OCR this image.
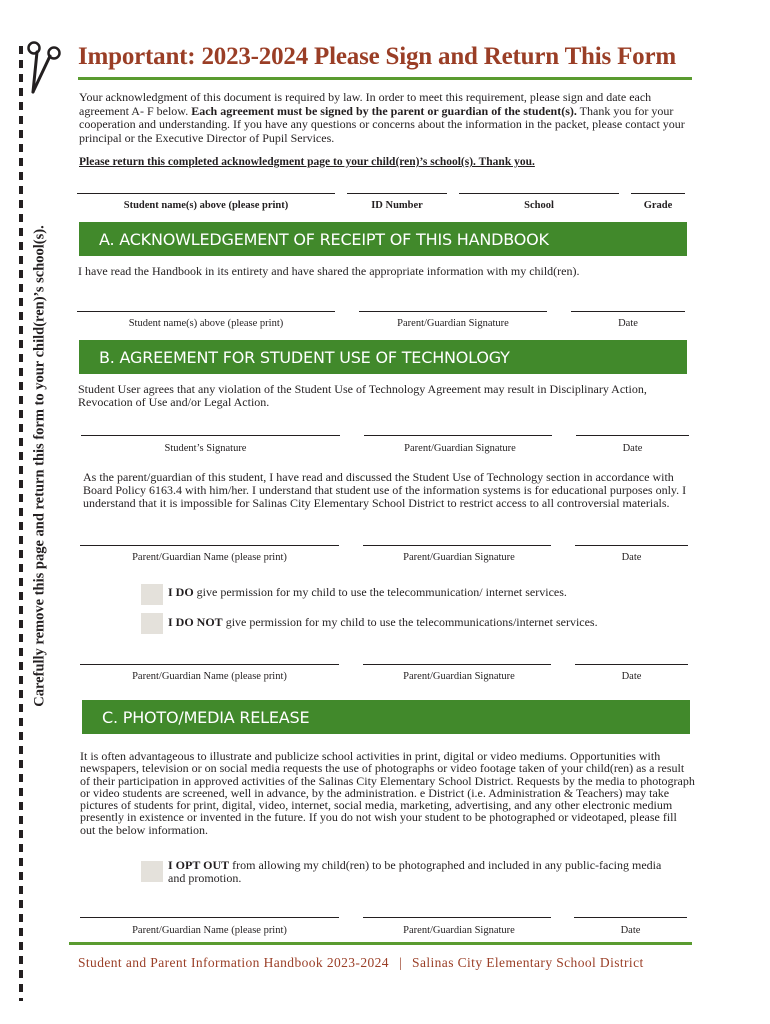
Carefully remove this page and return this form to your child(ren)’s school(s).
Important: 2023-2024 Please Sign and Return This Form
Your acknowledgment of this document is required by law. In order to meet this requirement, please sign and date each agreement A- F below. Each agreement must be signed by the parent or guardian of the student(s). Thank you for your cooperation and understanding. If you have any questions or concerns about the information in the packet, please contact your principal or the Executive Director of Pupil Services.
Please return this completed acknowledgment page to your child(ren)’s school(s). Thank you.
Student name(s) above (please print)	ID Number	School	Grade
A. ACKNOWLEDGEMENT OF RECEIPT OF THIS HANDBOOK
I have read the Handbook in its entirety and have shared the appropriate information with my child(ren).
Student name(s) above (please print)	Parent/Guardian Signature	Date
B. AGREEMENT FOR STUDENT USE OF TECHNOLOGY
Student User agrees that any violation of the Student Use of Technology Agreement may result in Disciplinary Action, Revocation of Use and/or Legal Action.
Student’s Signature	Parent/Guardian Signature	Date
As the parent/guardian of this student, I have read and discussed the Student Use of Technology section in accordance with Board Policy 6163.4 with him/her. I understand that student use of the information systems is for educational purposes only. I understand that it is impossible for Salinas City Elementary School District to restrict access to all controversial materials.
Parent/Guardian Name (please print)	Parent/Guardian Signature	Date
I DO give permission for my child to use the telecommunication/ internet services.
I DO NOT give permission for my child to use the telecommunications/internet services.
Parent/Guardian Name (please print)	Parent/Guardian Signature	Date
C. PHOTO/MEDIA RELEASE
It is often advantageous to illustrate and publicize school activities in print, digital or video mediums. Opportunities with newspapers, television or on social media requests the use of photographs or video footage taken of your child(ren) as a result of their participation in approved activities of the Salinas City Elementary School District. Requests by the media to photograph or video students are screened, well in advance, by the administration. e District (i.e. Administration & Teachers) may take pictures of students for print, digital, video, internet, social media, marketing, advertising, and any other electronic medium presently in existence or invented in the future. If you do not wish your student to be photographed or videotaped, please fill out the below information.
I OPT OUT from allowing my child(ren) to be photographed and included in any public-facing media and promotion.
Parent/Guardian Name (please print)	Parent/Guardian Signature	Date
Student and Parent Information Handbook 2023-2024 | Salinas City Elementary School District
